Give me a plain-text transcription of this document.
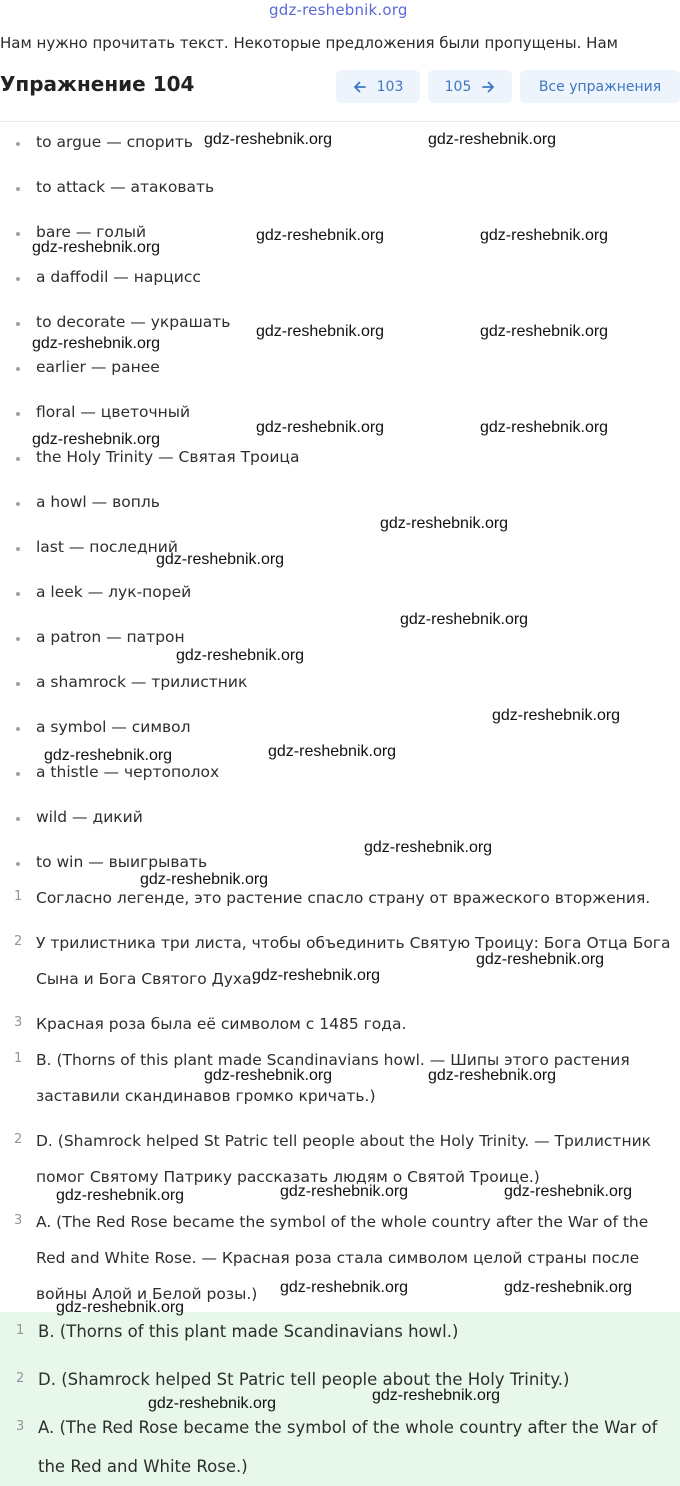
gdz-reshebnik.org
Нам нужно прочитать текст. Некоторые предложения были пропущены. Нам
Упражнение 104	103	105	Все упражнения
to argue — спорить
to attack — атаковать
bare — голый
a daffodil — нарцисс
to decorate — украшать
earlier — ранее
floral — цветочный
the Holy Trinity — Святая Троица
a howl — вопль
last — последний
a leek — лук-порей
a patron — патрон
a shamrock — трилистник
a symbol — символ
a thistle — чертополох
wild — дикий
to win — выигрывать
1 Согласно легенде, это растение спасло страну от вражеского вторжения.
2 У трилистника три листа, чтобы объединить Святую Троицу: Бога Отца Бога Сына и Бога Святого Духа.
3 Красная роза была её символом с 1485 года.
1 B. (Thorns of this plant made Scandinavians howl. — Шипы этого растения заставили скандинавов громко кричать.)
2 D. (Shamrock helped St Patric tell people about the Holy Trinity. — Трилистник помог Святому Патрику рассказать людям о Святой Троице.)
3 A. (The Red Rose became the symbol of the whole country after the War of the Red and White Rose. — Красная роза стала символом целой страны после войны Алой и Белой розы.)
1 B. (Thorns of this plant made Scandinavians howl.)
2 D. (Shamrock helped St Patric tell people about the Holy Trinity.)
3 A. (The Red Rose became the symbol of the whole country after the War of the Red and White Rose.)
gdz-reshebnik.org	gdz-reshebnik.org
gdz-reshebnik.org
gdz-reshebnik.org	gdz-reshebnik.org
gdz-reshebnik.org
gdz-reshebnik.org	gdz-reshebnik.org
gdz-reshebnik.org
gdz-reshebnik.org	gdz-reshebnik.org
gdz-reshebnik.org
gdz-reshebnik.org
gdz-reshebnik.org
gdz-reshebnik.org
gdz-reshebnik.org
gdz-reshebnik.org	gdz-reshebnik.org
gdz-reshebnik.org
gdz-reshebnik.org
gdz-reshebnik.org
gdz-reshebnik.org
gdz-reshebnik.org	gdz-reshebnik.org
gdz-reshebnik.org	gdz-reshebnik.org	gdz-reshebnik.org
gdz-reshebnik.org	gdz-reshebnik.org
gdz-reshebnik.org
gdz-reshebnik.org
gdz-reshebnik.org
